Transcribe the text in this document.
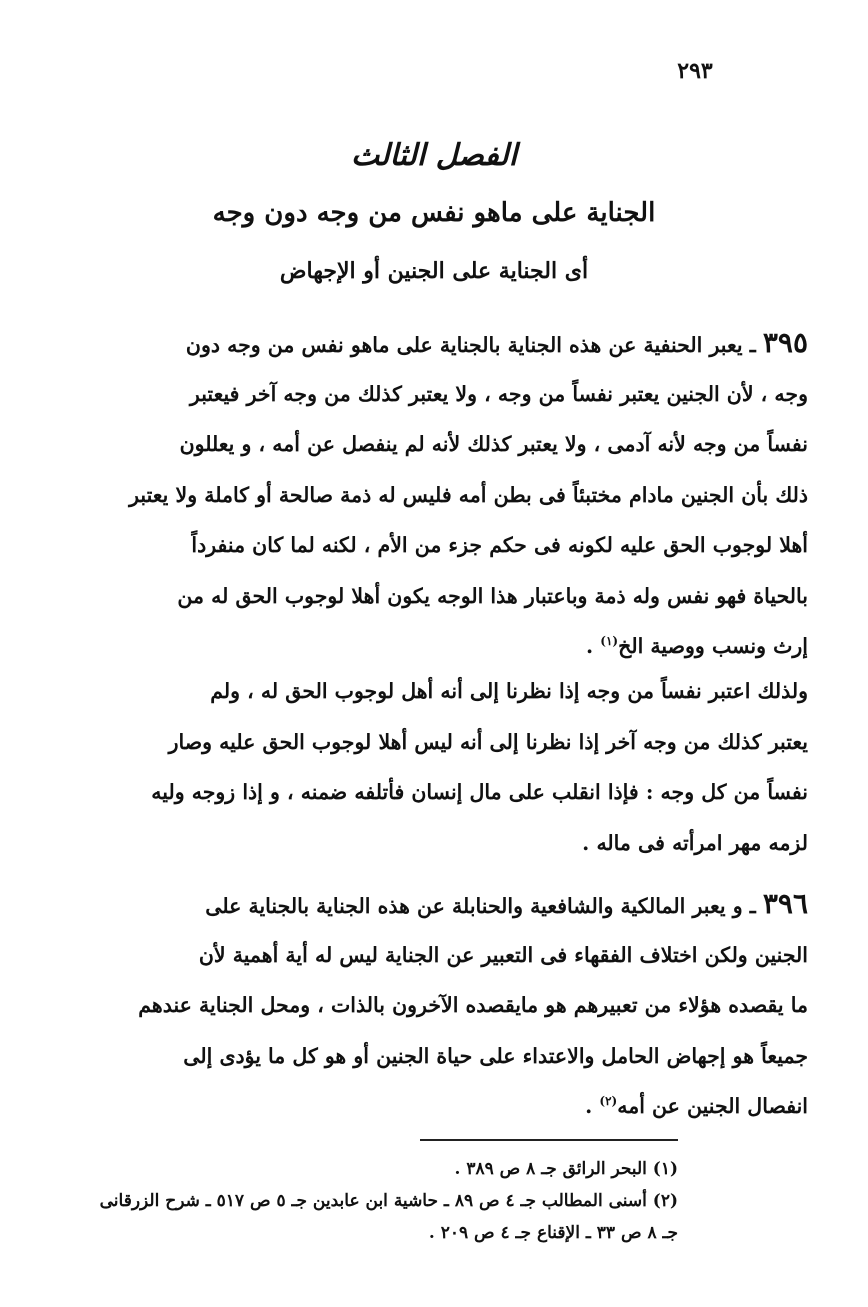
٢٩٣
الفصل الثالث
الجناية على ماهو نفس من وجه دون وجه
أى الجناية على الجنين أو الإجهاض
٣٩٥ ـ يعبر الحنفية عن هذه الجناية بالجناية على ماهو نفس من وجه دون
وجه ، لأن الجنين يعتبر نفساً من وجه ، ولا يعتبر كذلك من وجه آخر فيعتبر
نفساً من وجه لأنه آدمى ، ولا يعتبر كذلك لأنه لم ينفصل عن أمه ، و يعللون
ذلك بأن الجنين مادام مختبئاً فى بطن أمه فليس له ذمة صالحة أو كاملة ولا يعتبر
أهلا لوجوب الحق عليه لكونه فى حكم جزء من الأم ، لكنه لما كان منفرداً
بالحياة فهو نفس وله ذمة وباعتبار هذا الوجه يكون أهلا لوجوب الحق له من
إرث ونسب ووصية الخ$^{(١)}$ .
ولذلك اعتبر نفساً من وجه إذا نظرنا إلى أنه أهل لوجوب الحق له ، ولم
يعتبر كذلك من وجه آخر إذا نظرنا إلى أنه ليس أهلا لوجوب الحق عليه وصار
نفساً من كل وجه : فإذا انقلب على مال إنسان فأتلفه ضمنه ، و إذا زوجه وليه
لزمه مهر امرأته فى ماله .
٣٩٦ ـ و يعبر المالكية والشافعية والحنابلة عن هذه الجناية بالجناية على
الجنين ولكن اختلاف الفقهاء فى التعبير عن الجناية ليس له أية أهمية لأن
ما يقصده هؤلاء من تعبيرهم هو مايقصده الآخرون بالذات ، ومحل الجناية عندهم
جميعاً هو إجهاض الحامل والاعتداء على حياة الجنين أو هو كل ما يؤدى إلى
انفصال الجنين عن أمه$^{(٢)}$ .
(١) البحر الرائق جـ ٨ ص ٣٨٩ .
(٢) أسنى المطالب جـ ٤ ص ٨٩ ـ حاشية ابن عابدين جـ ٥ ص ٥١٧ ـ شرح الزرقانى
جـ ٨ ص ٣٣ ـ الإقناع جـ ٤ ص ٢٠٩ .
